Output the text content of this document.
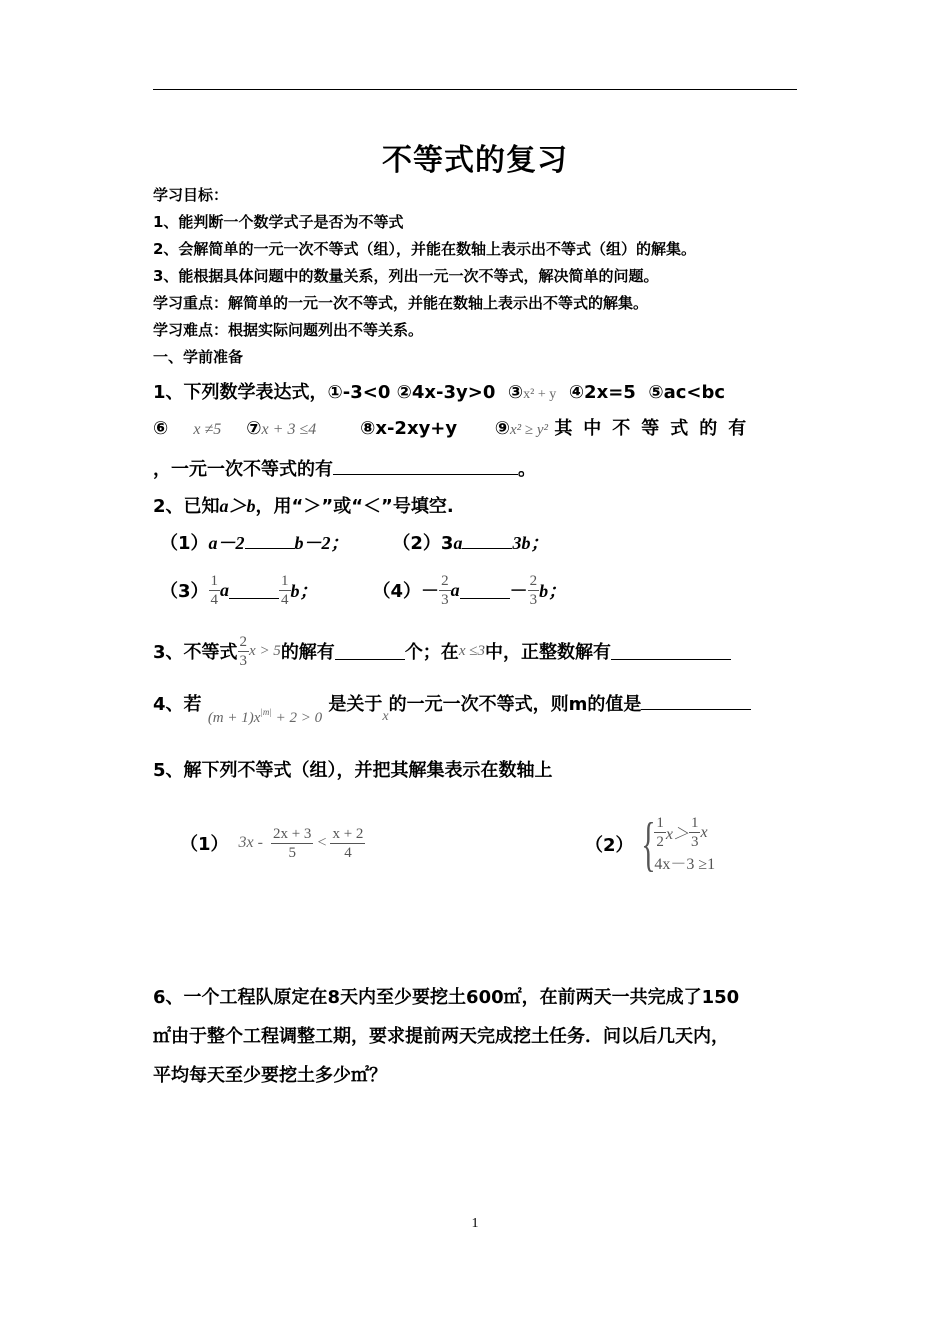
不等式的复习
学习目标：
1、能判断一个数学式子是否为不等式
2、会解简单的一元一次不等式（组），并能在数轴上表示出不等式（组）的解集。
3、能根据具体问题中的数量关系，列出一元一次不等式，解决简单的问题。
学习重点：解简单的一元一次不等式，并能在数轴上表示出不等式的解集。
学习难点：根据实际问题列出不等关系。
一、学前准备
1、下列数学表达式，①-3<0 ②4x-3y>0 ③x² + y ④2x=5 ⑤ac<bc
⑥ x ≠5 ⑦x + 3 ≤4 ⑧x-2xy+y ⑨x² ≥ y² 其中不等式的有
，一元一次不等式的有	。
2、已知a＞b，用“＞”或“＜”号填空.
（1）a－2	b－2； （2）3a	3b；
$(3) \frac{1}{4}$ a	$\frac{1}{4}$ b；	$(4)- \frac{2}{3}$ a	－ $\frac{2}{3}$ b；
3、不等式 $\frac{2}{3}$ x > 5 的解有	个；在 x ≤3 中，正整数解有
4、若 $_{(m + 1)x^{|m|} + 2 > 0}$ 是关于$_x$的一元一次不等式，则m的值是
5、解下列不等式（组），并把其解集表示在数轴上
（1） $3x - \frac{2x + 3}{5} < \frac{x + 2}{4}$	（2） { $\frac{1}{2} x> \frac{1}{3}$ x
4x－3 ≥1
6、一个工程队原定在8天内至少要挖土600㎡，在前两天一共完成了150
㎡由于整个工程调整工期，要求提前两天完成挖土任务．问以后几天内，
平均每天至少要挖土多少㎡？
1
